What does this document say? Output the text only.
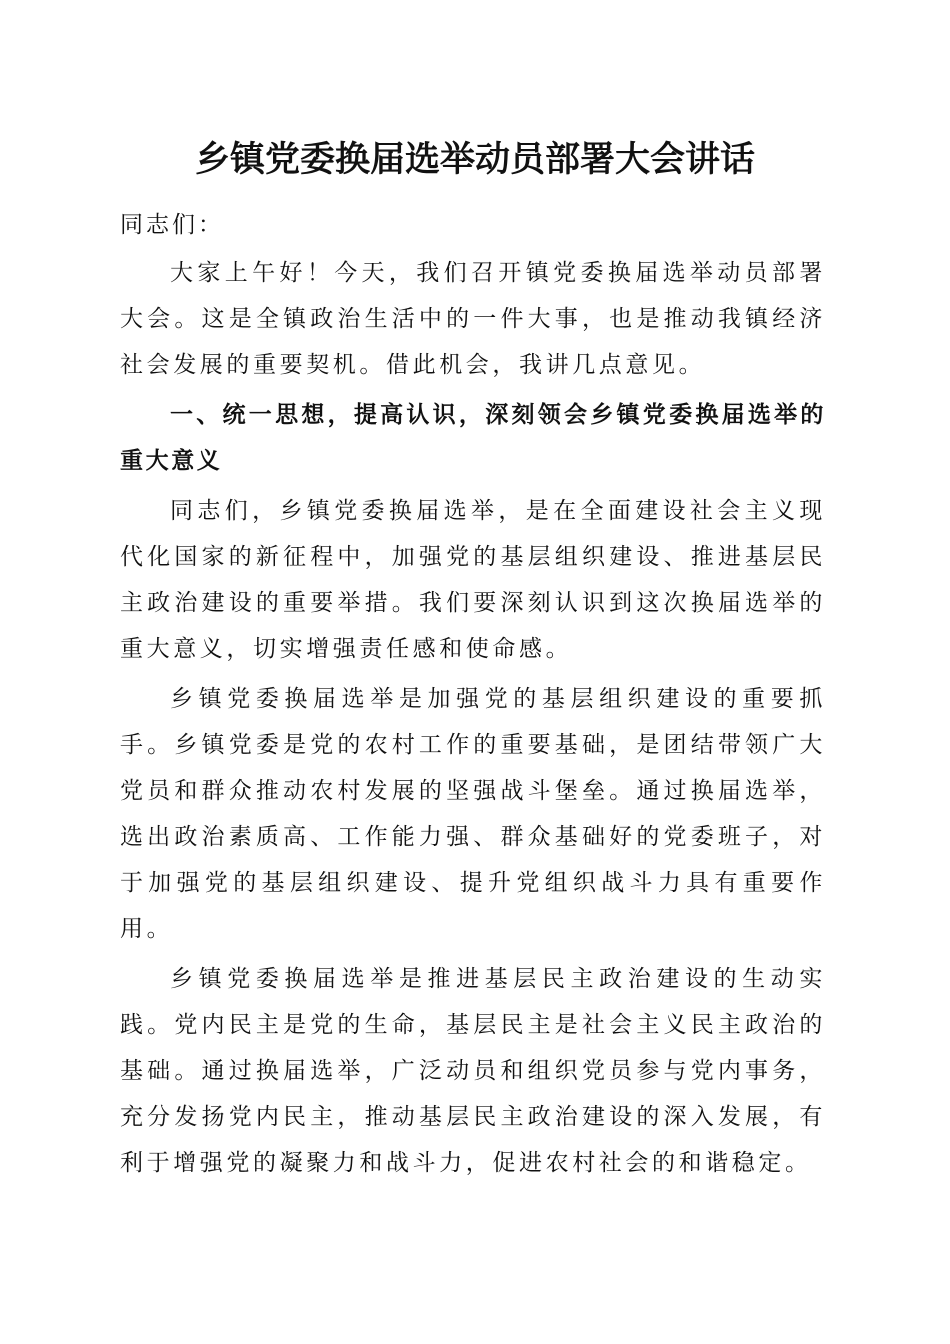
乡镇党委换届选举动员部署大会讲话

同志们：

大家上午好！今天，我们召开镇党委换届选举动员部署大会。这是全镇政治生活中的一件大事，也是推动我镇经济社会发展的重要契机。借此机会，我讲几点意见。

一、统一思想，提高认识，深刻领会乡镇党委换届选举的重大意义

同志们，乡镇党委换届选举，是在全面建设社会主义现代化国家的新征程中，加强党的基层组织建设、推进基层民主政治建设的重要举措。我们要深刻认识到这次换届选举的重大意义，切实增强责任感和使命感。

乡镇党委换届选举是加强党的基层组织建设的重要抓手。乡镇党委是党的农村工作的重要基础，是团结带领广大党员和群众推动农村发展的坚强战斗堡垒。通过换届选举，选出政治素质高、工作能力强、群众基础好的党委班子，对于加强党的基层组织建设、提升党组织战斗力具有重要作用。

乡镇党委换届选举是推进基层民主政治建设的生动实践。党内民主是党的生命，基层民主是社会主义民主政治的基础。通过换届选举，广泛动员和组织党员参与党内事务，充分发扬党内民主，推动基层民主政治建设的深入发展，有利于增强党的凝聚力和战斗力，促进农村社会的和谐稳定。
